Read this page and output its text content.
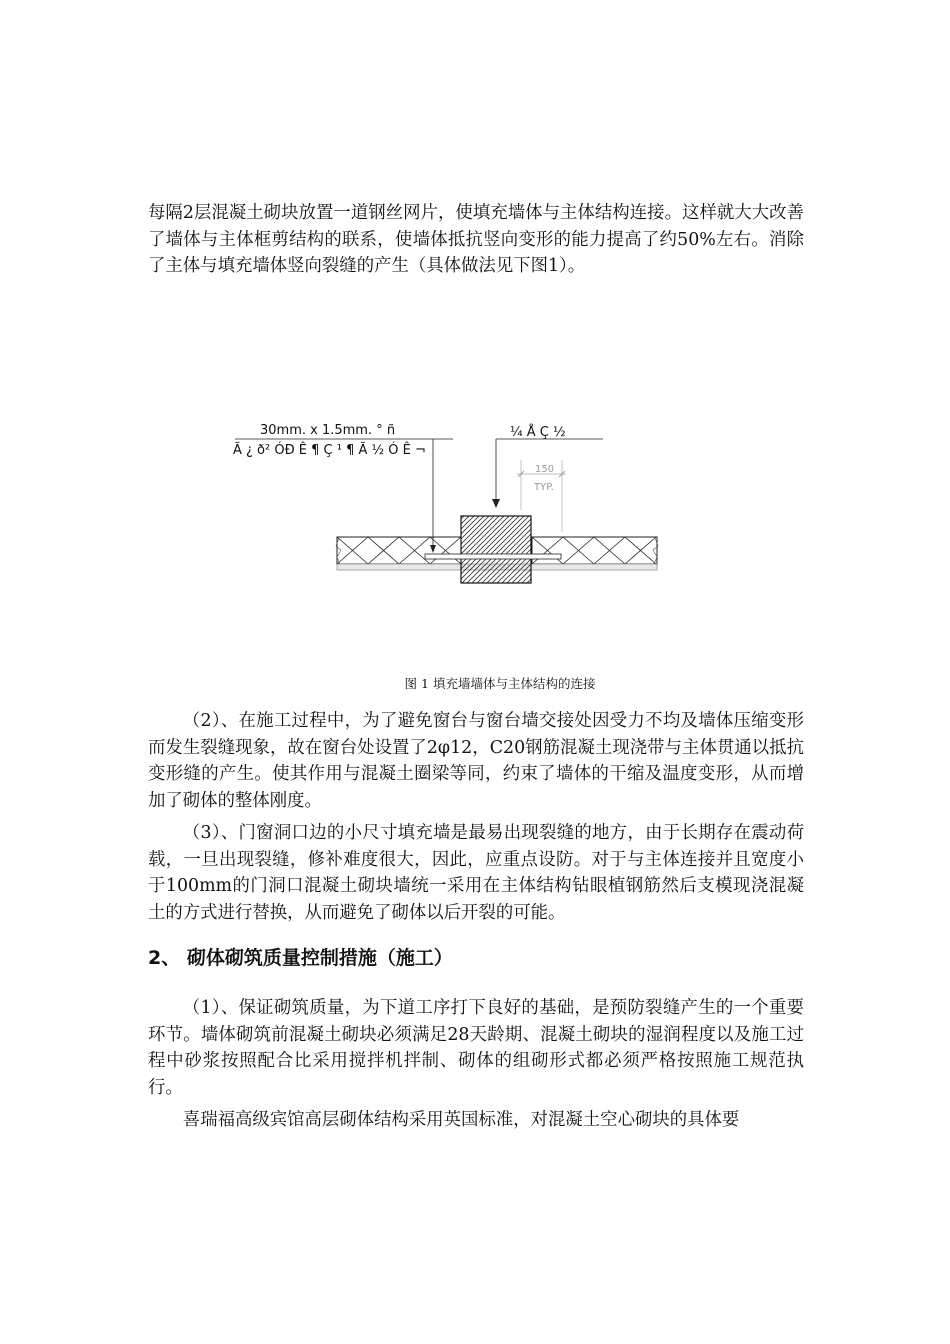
每隔2层混凝土砌块放置一道钢丝网片，使填充墙体与主体结构连接。这样就大大改善了墙体与主体框剪结构的联系，使墙体抵抗竖向变形的能力提高了约50%左右。消除了主体与填充墙体竖向裂缝的产生（具体做法见下图1）。

30mm. x 1.5mm. ° ñ
Ã ¿ ð² ÓÐ Ê ¶ Ç ¹ ¶ Ã ½ Ó Ê ¬
¼ Å Ç ½
150
TYP.
图 1 填充墙墙体与主体结构的连接

（2）、在施工过程中，为了避免窗台与窗台墙交接处因受力不均及墙体压缩变形而发生裂缝现象，故在窗台处设置了2φ12，C20钢筋混凝土现浇带与主体贯通以抵抗变形缝的产生。使其作用与混凝土圈梁等同，约束了墙体的干缩及温度变形，从而增加了砌体的整体刚度。

（3）、门窗洞口边的小尺寸填充墙是最易出现裂缝的地方，由于长期存在震动荷载，一旦出现裂缝，修补难度很大，因此，应重点设防。对于与主体连接并且宽度小于100mm的门洞口混凝土砌块墙统一采用在主体结构钻眼植钢筋然后支模现浇混凝土的方式进行替换，从而避免了砌体以后开裂的可能。

2、 砌体砌筑质量控制措施（施工）

（1）、保证砌筑质量，为下道工序打下良好的基础，是预防裂缝产生的一个重要环节。墙体砌筑前混凝土砌块必须满足28天龄期、混凝土砌块的湿润程度以及施工过程中砂浆按照配合比采用搅拌机拌制、砌体的组砌形式都必须严格按照施工规范执行。

喜瑞福高级宾馆高层砌体结构采用英国标准，对混凝土空心砌块的具体要
